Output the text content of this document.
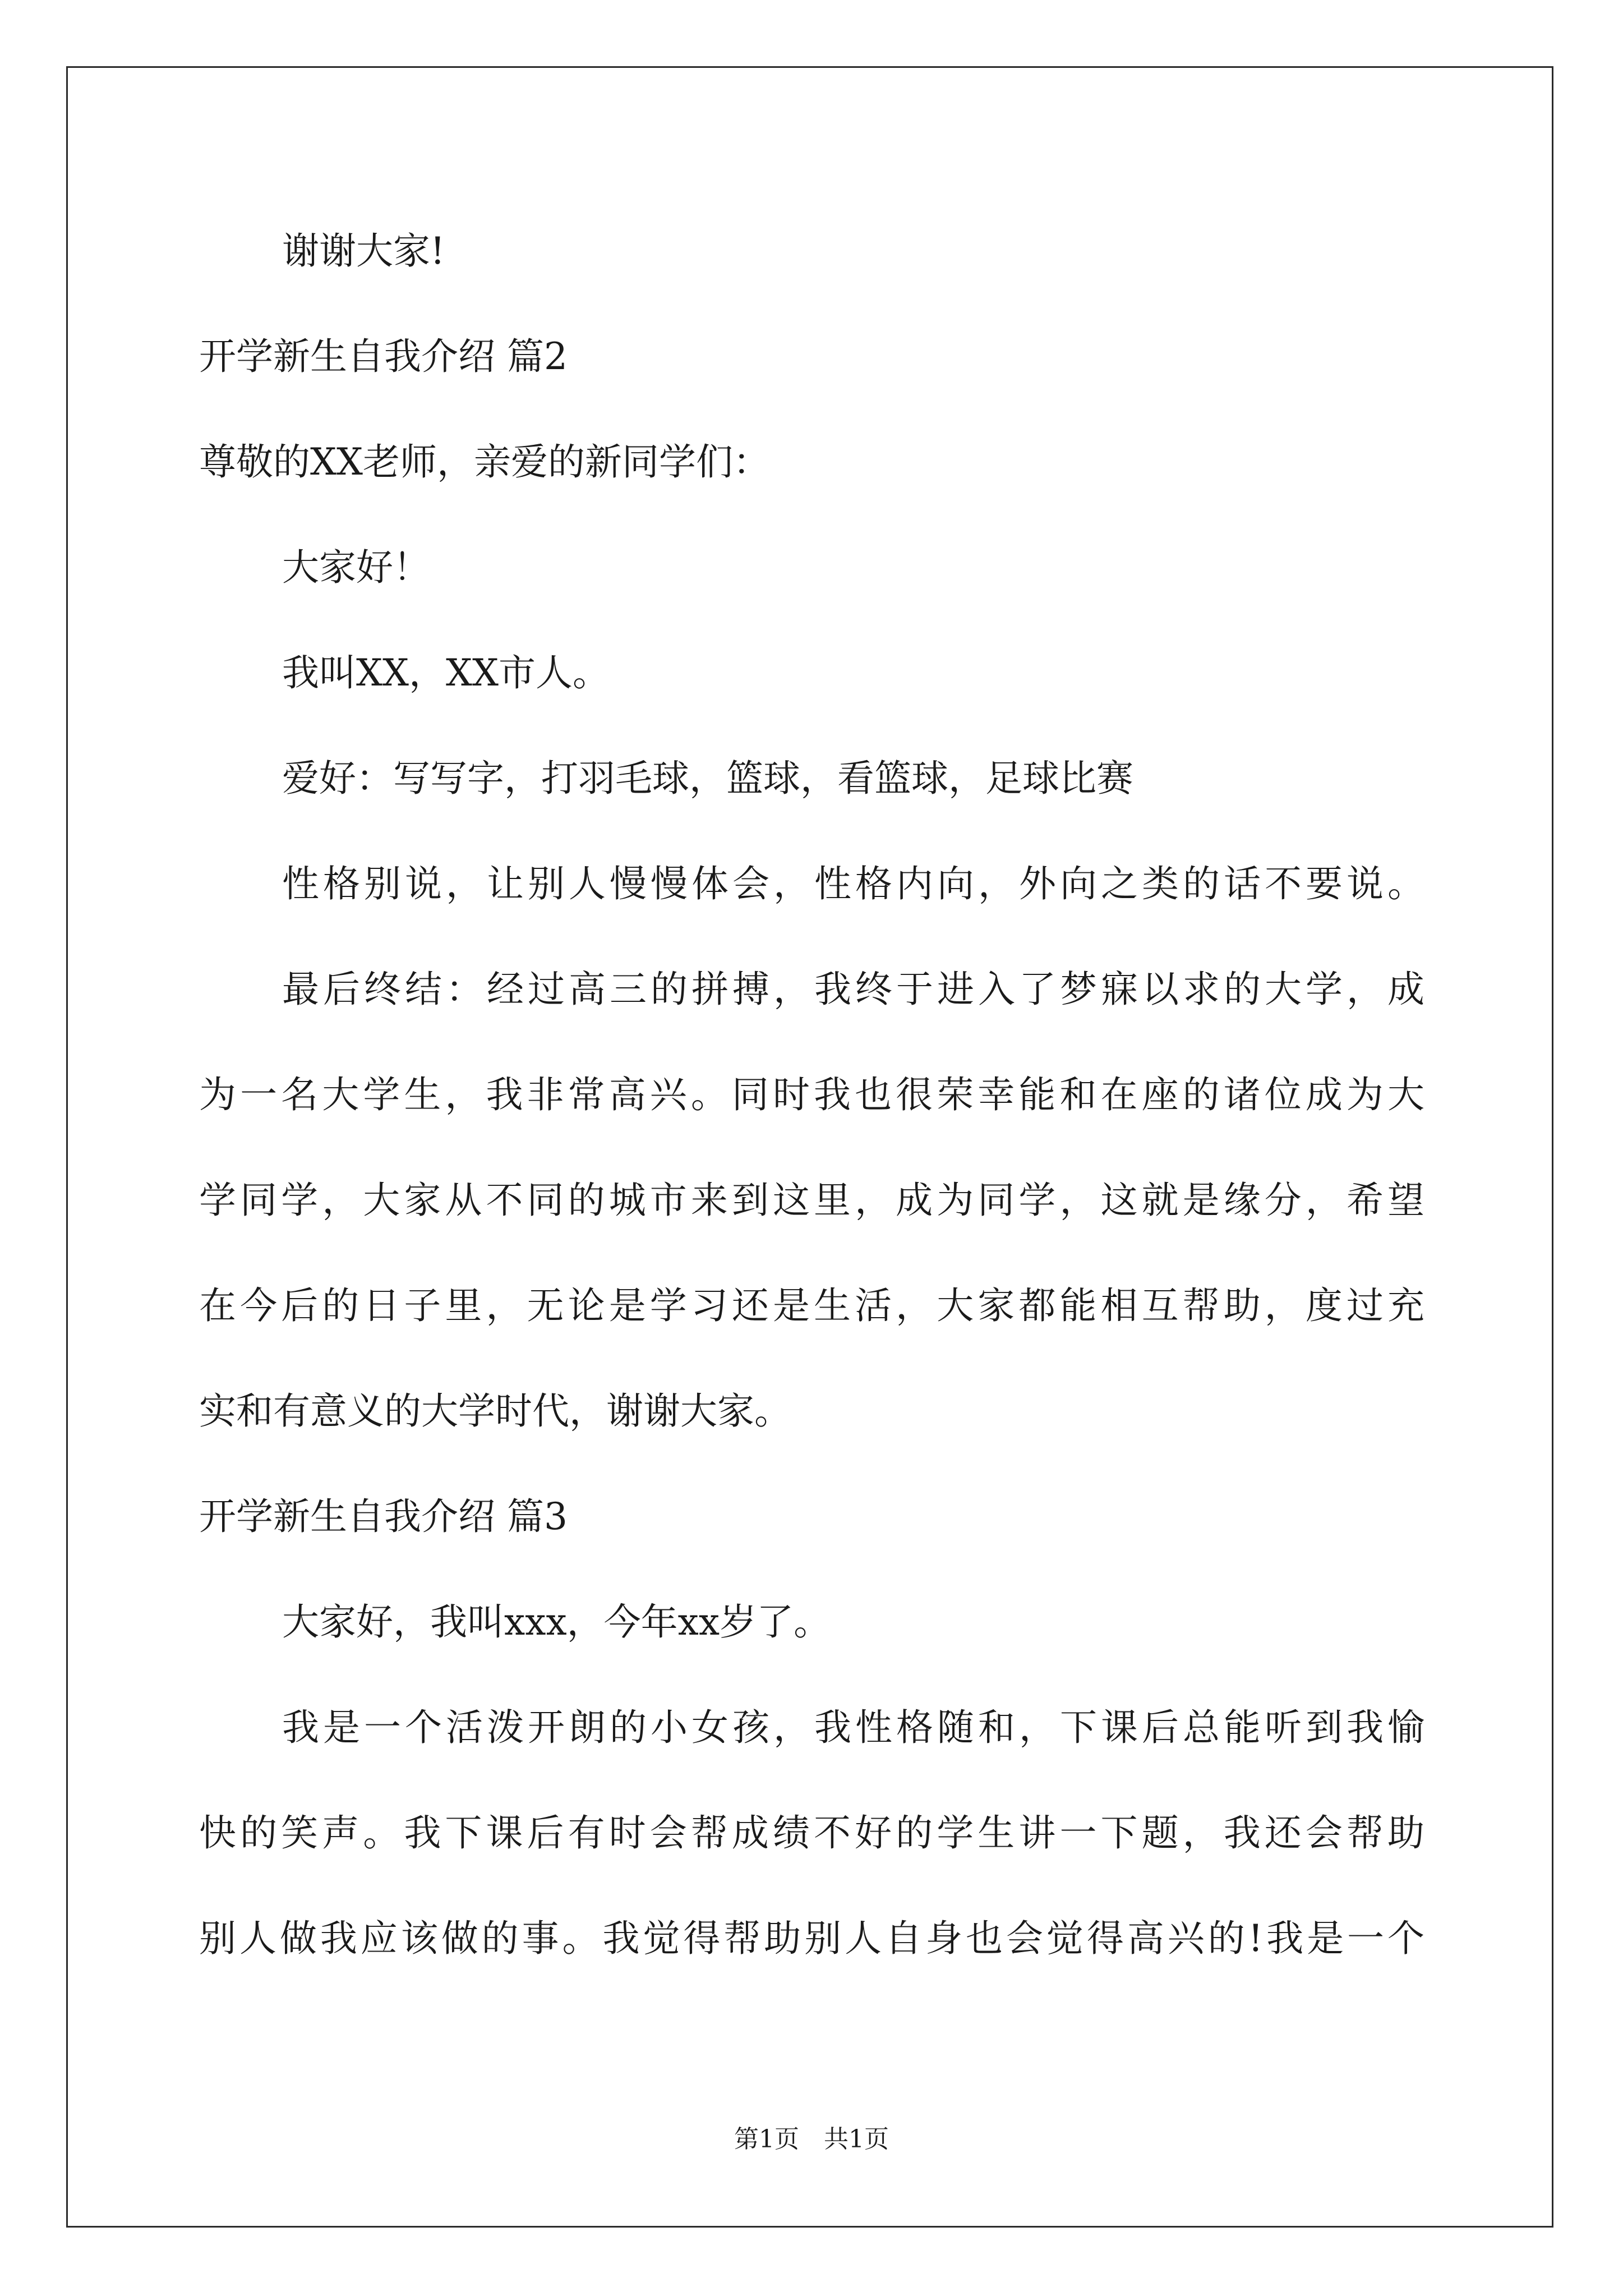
谢谢大家!
开学新生自我介绍 篇2
尊敬的XX老师，亲爱的新同学们：
大家好！
我叫XX，XX市人。
爱好：写写字，打羽毛球，篮球，看篮球，足球比赛
性格别说，让别人慢慢体会，性格内向，外向之类的话不要说。
最后终结：经过高三的拼搏，我终于进入了梦寐以求的大学，成
为一名大学生，我非常高兴。同时我也很荣幸能和在座的诸位成为大
学同学，大家从不同的城市来到这里，成为同学，这就是缘分，希望
在今后的日子里，无论是学习还是生活，大家都能相互帮助，度过充
实和有意义的大学时代，谢谢大家。
开学新生自我介绍 篇3
大家好，我叫xxx，今年xx岁了。
我是一个活泼开朗的小女孩，我性格随和，下课后总能听到我愉
快的笑声。我下课后有时会帮成绩不好的学生讲一下题，我还会帮助
别人做我应该做的事。我觉得帮助别人自身也会觉得高兴的!我是一个
第1页　共1页
